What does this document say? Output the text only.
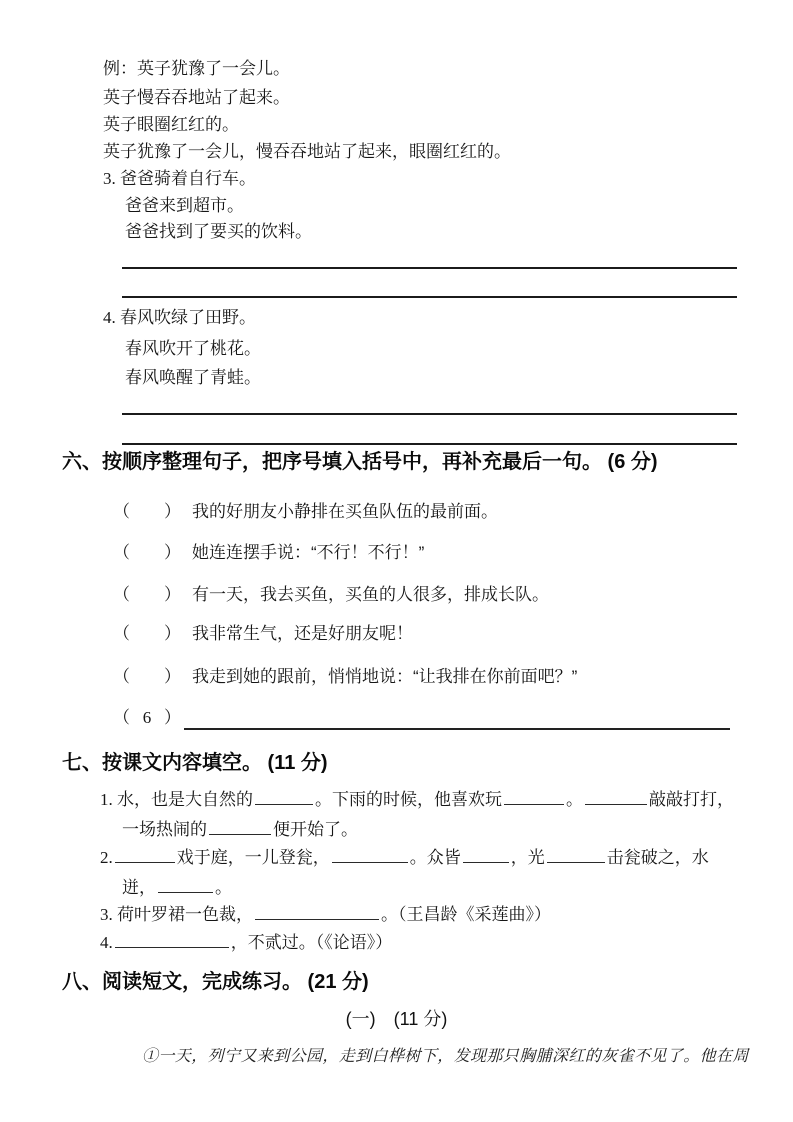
例：英子犹豫了一会儿。
英子慢吞吞地站了起来。
英子眼圈红红的。
英子犹豫了一会儿，慢吞吞地站了起来，眼圈红红的。
3. 爸爸骑着自行车。
爸爸来到超市。
爸爸找到了要买的饮料。
4. 春风吹绿了田野。
春风吹开了桃花。
春风唤醒了青蛙。
六、按顺序整理句子，把序号填入括号中，再补充最后一句。 (6 分)
（ ） 我的好朋友小静排在买鱼队伍的最前面。
（ ） 她连连摆手说：“不行！不行！”
（ ） 有一天，我去买鱼，买鱼的人很多，排成长队。
（ ） 我非常生气，还是好朋友呢！
（ ） 我走到她的跟前，悄悄地说：“让我排在你前面吧？”
（ 6 ）
七、按课文内容填空。 (11 分)
1. 水，也是大自然的	。下雨的时候，他喜欢玩	。	敲敲打打，
一场热闹的	便开始了。
2.	戏于庭，一儿登瓮，	。众皆	，光	击瓮破之，水
迸，	。
3. 荷叶罗裙一色裁，	。（王昌龄《采莲曲》）
4.	，不贰过。（《论语》）
八、阅读短文，完成练习。 (21 分)
(一)　(11 分)
①一天，列宁又来到公园，走到白桦树下，发现那只胸脯深红的灰雀不见了。他在周
